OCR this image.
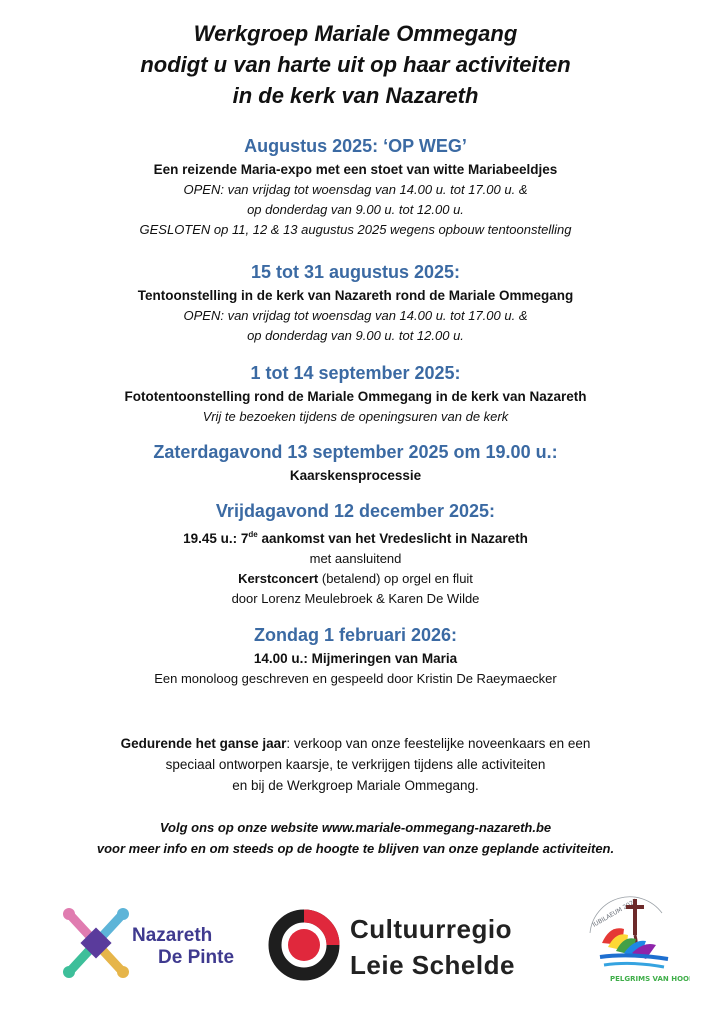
Werkgroep Mariale Ommegang
nodigt u van harte uit op haar activiteiten
in de kerk van Nazareth
Augustus 2025: ‘OP WEG’
Een reizende Maria-expo met een stoet van witte Mariabeeldjes
OPEN: van vrijdag tot woensdag van 14.00 u. tot 17.00 u. &
op donderdag van 9.00 u. tot 12.00 u.
GESLOTEN op 11, 12 & 13 augustus 2025 wegens opbouw tentoonstelling
15 tot 31 augustus 2025:
Tentoonstelling in de kerk van Nazareth rond de Mariale Ommegang
OPEN: van vrijdag tot woensdag van 14.00 u. tot 17.00 u. &
op donderdag van 9.00 u. tot 12.00 u.
1 tot 14 september 2025:
Fototentoonstelling rond de Mariale Ommegang in de kerk van Nazareth
Vrij te bezoeken tijdens de openingsuren van de kerk
Zaterdagavond 13 september 2025 om 19.00 u.:
Kaarskensprocessie
Vrijdagavond 12 december 2025:
19.45 u.: 7de aankomst van het Vredeslicht in Nazareth
met aansluitend
Kerstconcert (betalend) op orgel en fluit
door Lorenz Meulebroek & Karen De Wilde
Zondag 1 februari 2026:
14.00 u.: Mijmeringen van Maria
Een monoloog geschreven en gespeeld door Kristin De Raeymaecker
Gedurende het ganse jaar: verkoop van onze feestelijke noveenkaars en een
speciaal ontworpen kaarsje, te verkrijgen tijdens alle activiteiten
en bij de Werkgroep Mariale Ommegang.
Volg ons op onze website www.mariale-ommegang-nazareth.be
voor meer info en om steeds op de hoogte te blijven van onze geplande activiteiten.
Nazareth
De Pinte
Cultuurregio
Leie Schelde
IUBILAEUM 2025
PELGRIMS VAN HOOP
